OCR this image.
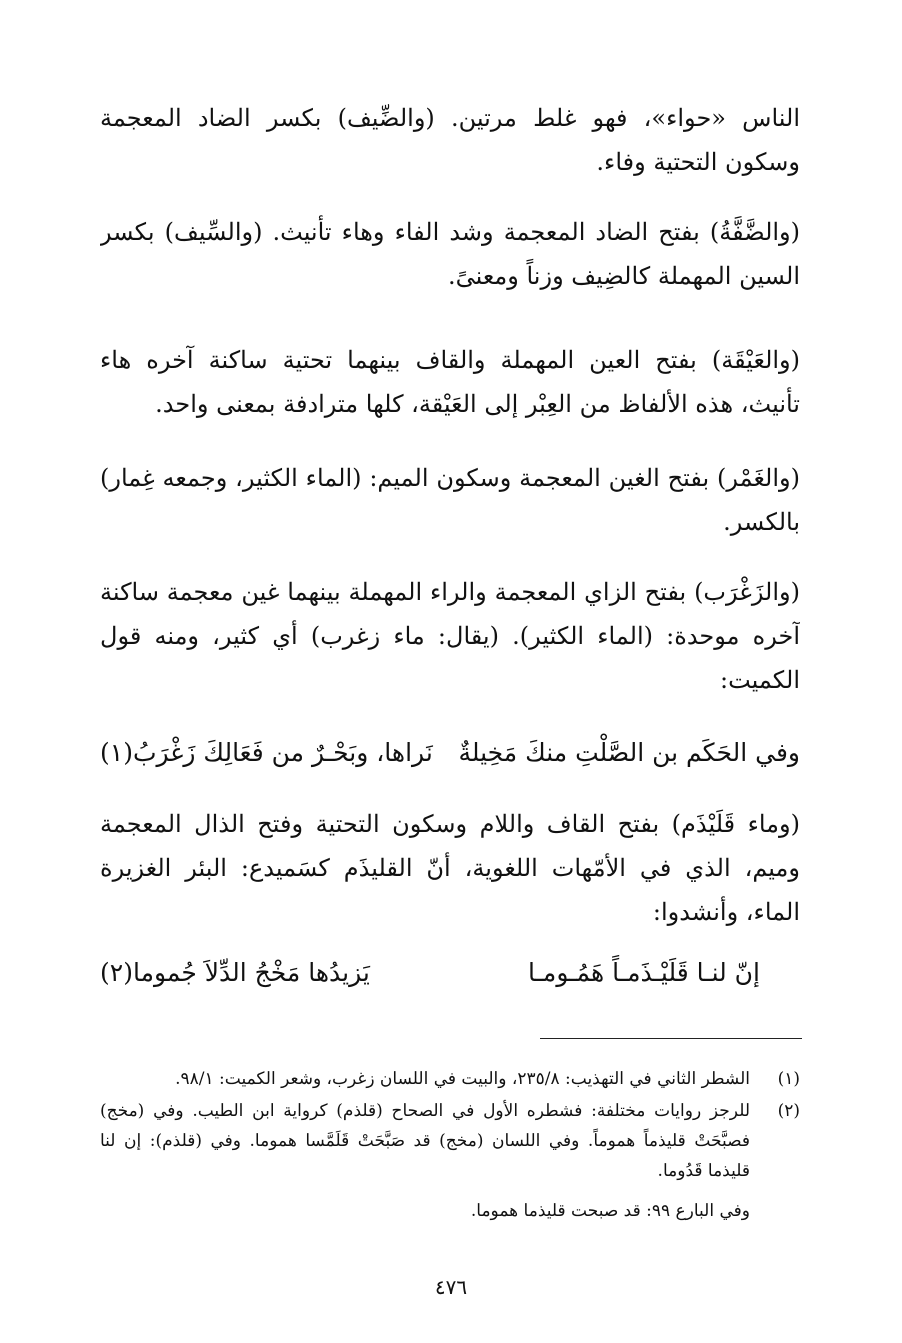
الناس «حواء»، فهو غلط مرتين. (والضِّيف) بكسر الضاد المعجمة وسكون التحتية وفاء.
(والضَّفَّةُ) بفتح الضاد المعجمة وشد الفاء وهاء تأنيث. (والسِّيف) بكسر السين المهملة كالضِيف وزناً ومعنىً.
(والعَيْقَة) بفتح العين المهملة والقاف بينهما تحتية ساكنة آخره هاء تأنيث، هذه الألفاظ من العِبْر إلى العَيْقة، كلها مترادفة بمعنى واحد.
(والغَمْر) بفتح الغين المعجمة وسكون الميم: (الماء الكثير، وجمعه غِمار) بالكسر.
(والزَغْرَب) بفتح الزاي المعجمة والراء المهملة بينهما غين معجمة ساكنة آخره موحدة: (الماء الكثير). (يقال: ماء زغرب) أي كثير، ومنه قول الكميت:
وفي الحَكَم بن الصَّلْتِ منكَ مَخِيلةٌ
نَراها، وبَحْـرٌ من فَعَالِكَ زَغْرَبُ(١)
(وماء قَلَيْذَم) بفتح القاف واللام وسكون التحتية وفتح الذال المعجمة وميم، الذي في الأمّهات اللغوية، أنّ القليذَم كسَميدع: البئر الغزيرة الماء، وأنشدوا:
إنّ لنـا قَلَيْـذَمـاً هَمُـومـا
يَزيدُها مَخْجُ الدِّلاَ جُموما(٢)
(١)
الشطر الثاني في التهذيب: ٢٣٥/٨، والبيت في اللسان زغرب، وشعر الكميت: ٩٨/١.
(٢)
للرجز روايات مختلفة: فشطره الأول في الصحاح (قلذم) كرواية ابن الطيب. وفي (مخج) فصبَّحَتْ قليذماً هموماً. وفي اللسان (مخج) قد صَبَّحَتْ قَلَمَّسا هموما. وفي (قلذم): إن لنا قليذما قَدُوما.
وفي البارع ٩٩: قد صبحت قليذما هموما.
٤٧٦
